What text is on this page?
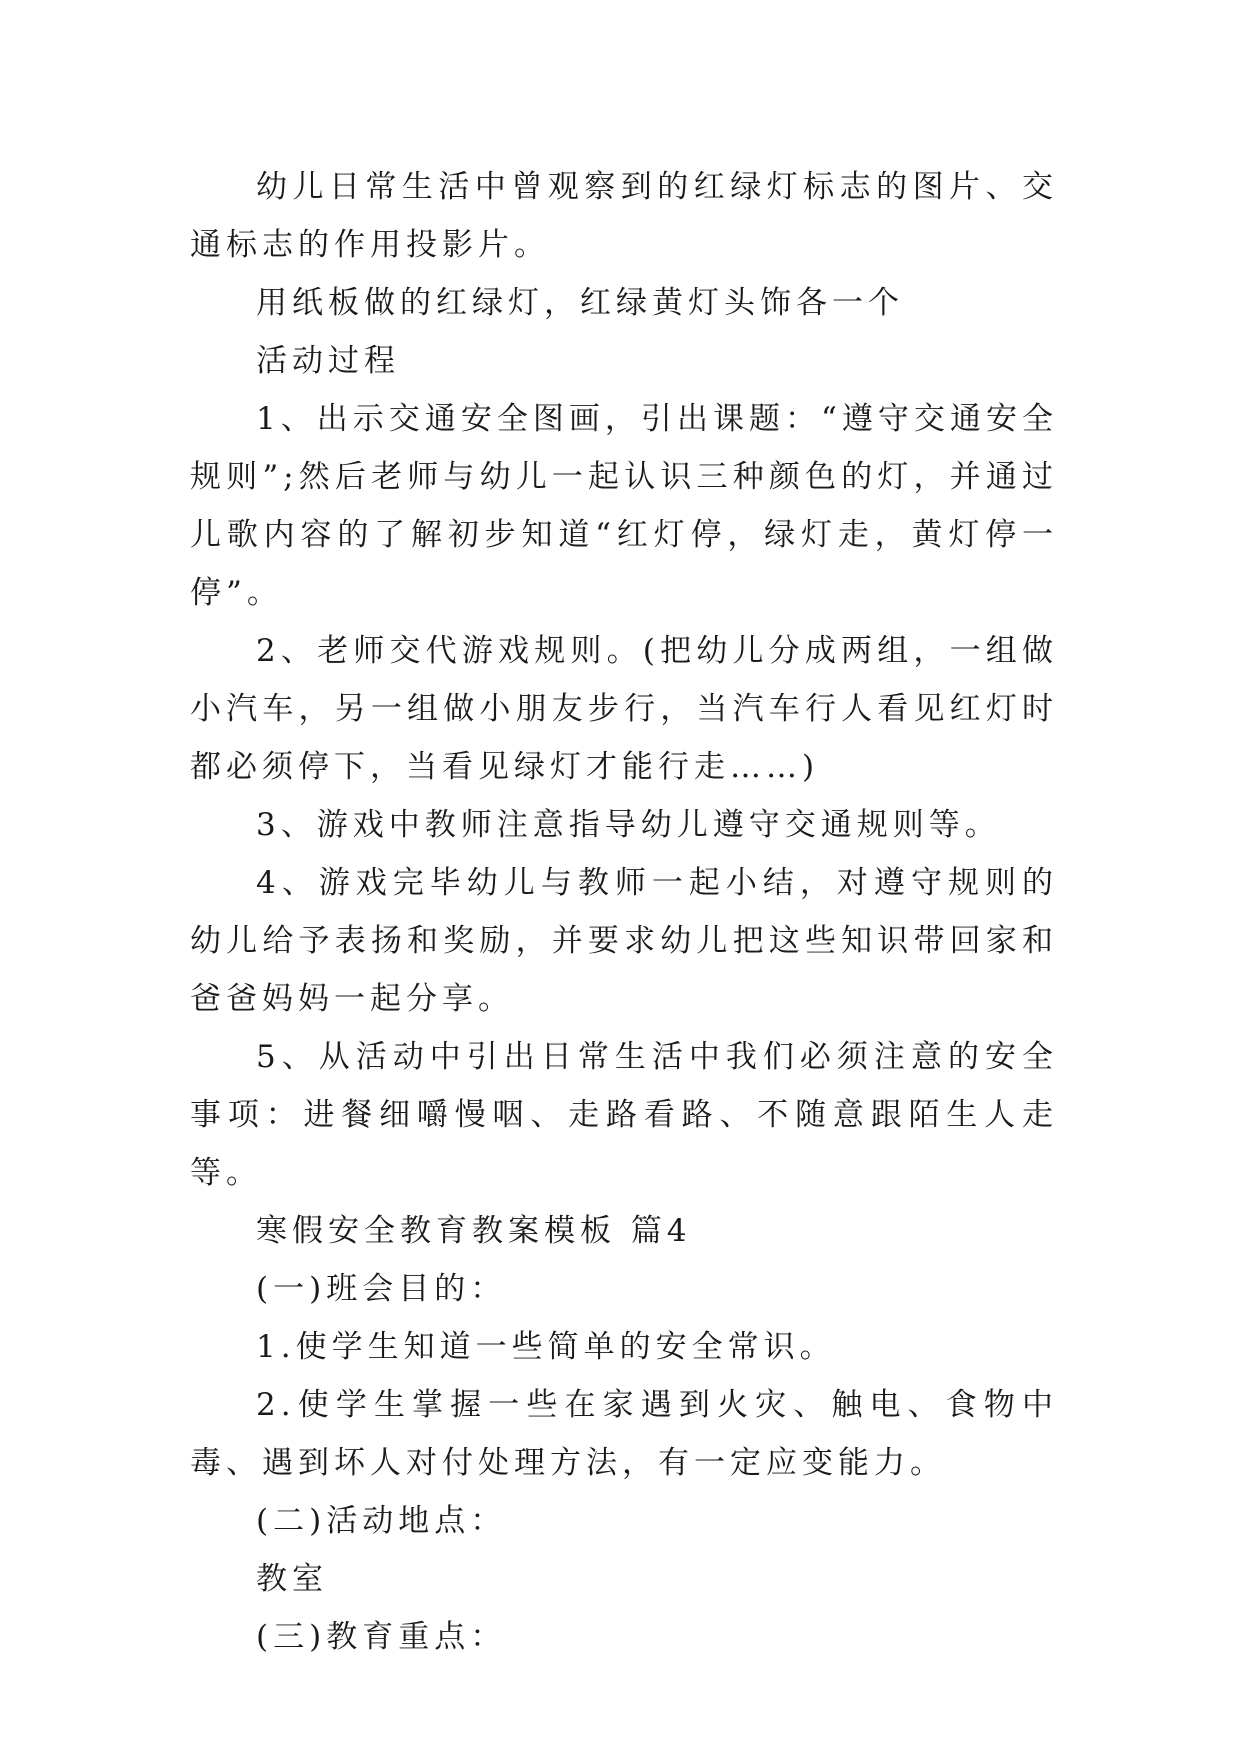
幼儿日常生活中曾观察到的红绿灯标志的图片、交通标志的作用投影片。

用纸板做的红绿灯，红绿黄灯头饰各一个

活动过程

1、出示交通安全图画，引出课题：“遵守交通安全规则”;然后老师与幼儿一起认识三种颜色的灯，并通过儿歌内容的了解初步知道“红灯停，绿灯走，黄灯停一停”。

2、老师交代游戏规则。(把幼儿分成两组，一组做小汽车，另一组做小朋友步行，当汽车行人看见红灯时都必须停下，当看见绿灯才能行走……)

3、游戏中教师注意指导幼儿遵守交通规则等。

4、游戏完毕幼儿与教师一起小结，对遵守规则的幼儿给予表扬和奖励，并要求幼儿把这些知识带回家和爸爸妈妈一起分享。

5、从活动中引出日常生活中我们必须注意的安全事项：进餐细嚼慢咽、走路看路、不随意跟陌生人走等。

寒假安全教育教案模板 篇4

(一)班会目的：

1.使学生知道一些简单的安全常识。

2.使学生掌握一些在家遇到火灾、触电、食物中毒、遇到坏人对付处理方法，有一定应变能力。

(二)活动地点：

教室

(三)教育重点：
